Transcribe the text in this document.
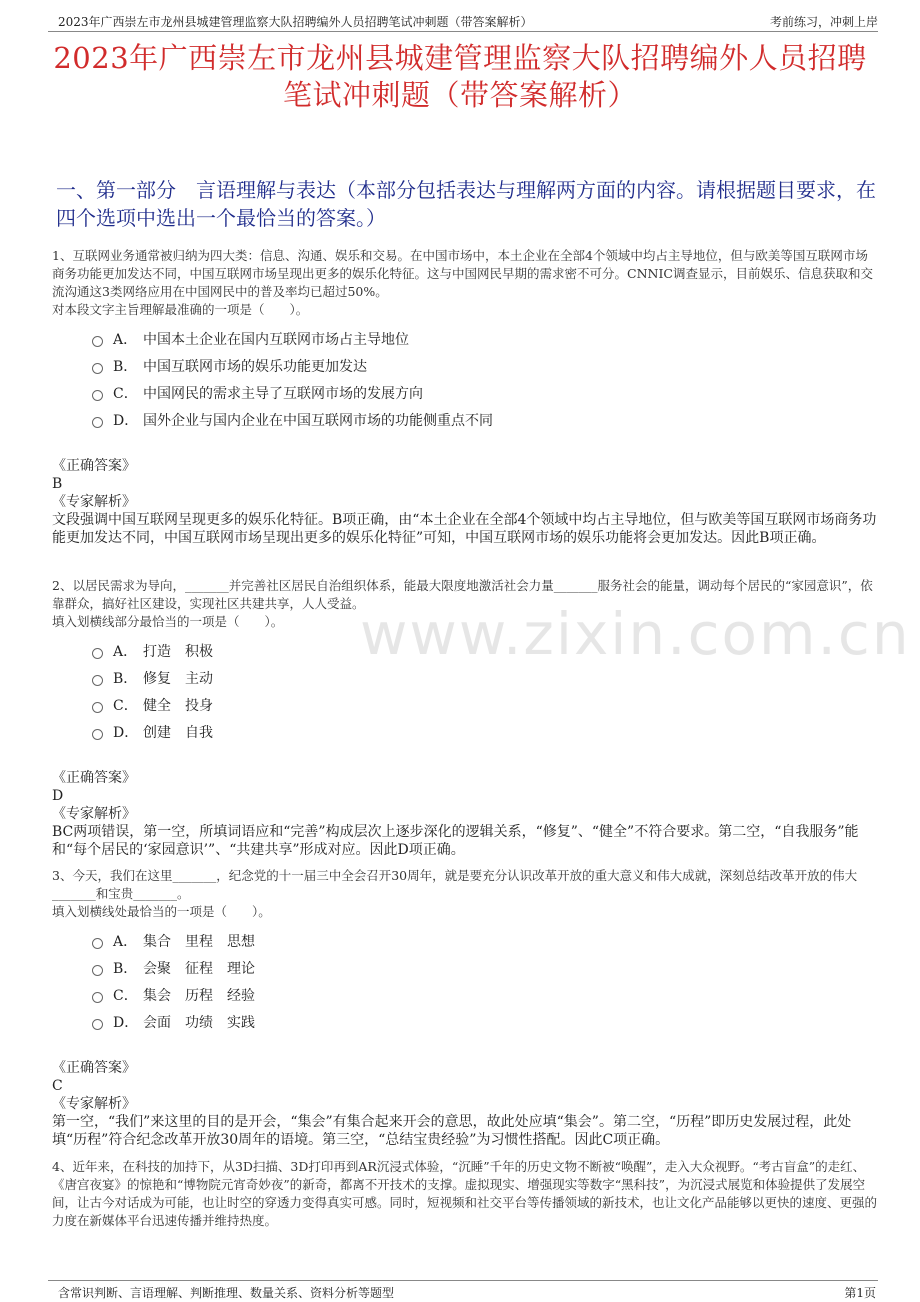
2023年广西崇左市龙州县城建管理监察大队招聘编外人员招聘笔试冲刺题（带答案解析）	考前练习，冲刺上岸
2023年广西崇左市龙州县城建管理监察大队招聘编外人员招聘笔试冲刺题（带答案解析）
一、第一部分　言语理解与表达（本部分包括表达与理解两方面的内容。请根据题目要求，在四个选项中选出一个最恰当的答案。）
www.zixin.com.cn

1、互联网业务通常被归纳为四大类：信息、沟通、娱乐和交易。在中国市场中，本土企业在全部4个领域中均占主导地位，但与欧美等国互联网市场商务功能更加发达不同，中国互联网市场呈现出更多的娱乐化特征。这与中国网民早期的需求密不可分。CNNIC调查显示，目前娱乐、信息获取和交流沟通这3类网络应用在中国网民中的普及率均已超过50%。

对本段文字主旨理解最准确的一项是（　　）。

A． 中国本土企业在国内互联网市场占主导地位
B． 中国互联网市场的娱乐功能更加发达
C． 中国网民的需求主导了互联网市场的发展方向
D． 国外企业与国内企业在中国互联网市场的功能侧重点不同

《正确答案》

B

《专家解析》

文段强调中国互联网呈现更多的娱乐化特征。B项正确，由“本土企业在全部4个领域中均占主导地位，但与欧美等国互联网市场商务功能更加发达不同，中国互联网市场呈现出更多的娱乐化特征”可知，中国互联网市场的娱乐功能将会更加发达。因此B项正确。

2、以居民需求为导向，_______并完善社区居民自治组织体系，能最大限度地激活社会力量_______服务社会的能量，调动每个居民的“家园意识”，依靠群众，搞好社区建设，实现社区共建共享，人人受益。

填入划横线部分最恰当的一项是（　　）。

A． 打造　积极
B． 修复　主动
C． 健全　投身
D． 创建　自我

《正确答案》

D

《专家解析》

BC两项错误，第一空，所填词语应和“完善”构成层次上逐步深化的逻辑关系，“修复”、“健全”不符合要求。第二空，“自我服务”能和“每个居民的‘家园意识’”、“共建共享”形成对应。因此D项正确。

3、今天，我们在这里_______，纪念党的十一届三中全会召开30周年，就是要充分认识改革开放的重大意义和伟大成就，深刻总结改革开放的伟大_______和宝贵_______。

填入划横线处最恰当的一项是（　　）。

A． 集合　里程　思想
B． 会聚　征程　理论
C． 集会　历程　经验
D． 会面　功绩　实践

《正确答案》

C

《专家解析》

第一空，“我们”来这里的目的是开会，“集会”有集合起来开会的意思，故此处应填“集会”。第二空，“历程”即历史发展过程，此处填“历程”符合纪念改革开放30周年的语境。第三空，“总结宝贵经验”为习惯性搭配。因此C项正确。

4、近年来，在科技的加持下，从3D扫描、3D打印再到AR沉浸式体验，“沉睡”千年的历史文物不断被“唤醒”，走入大众视野。“考古盲盒”的走红、《唐宫夜宴》的惊艳和“博物院元宵奇妙夜”的新奇，都离不开技术的支撑。虚拟现实、增强现实等数字“黑科技”，为沉浸式展览和体验提供了发展空间，让古今对话成为可能，也让时空的穿透力变得真实可感。同时，短视频和社交平台等传播领域的新技术，也让文化产品能够以更快的速度、更强的力度在新媒体平台迅速传播并维持热度。

含常识判断、言语理解、判断推理、数量关系、资料分析等题型	第1页
